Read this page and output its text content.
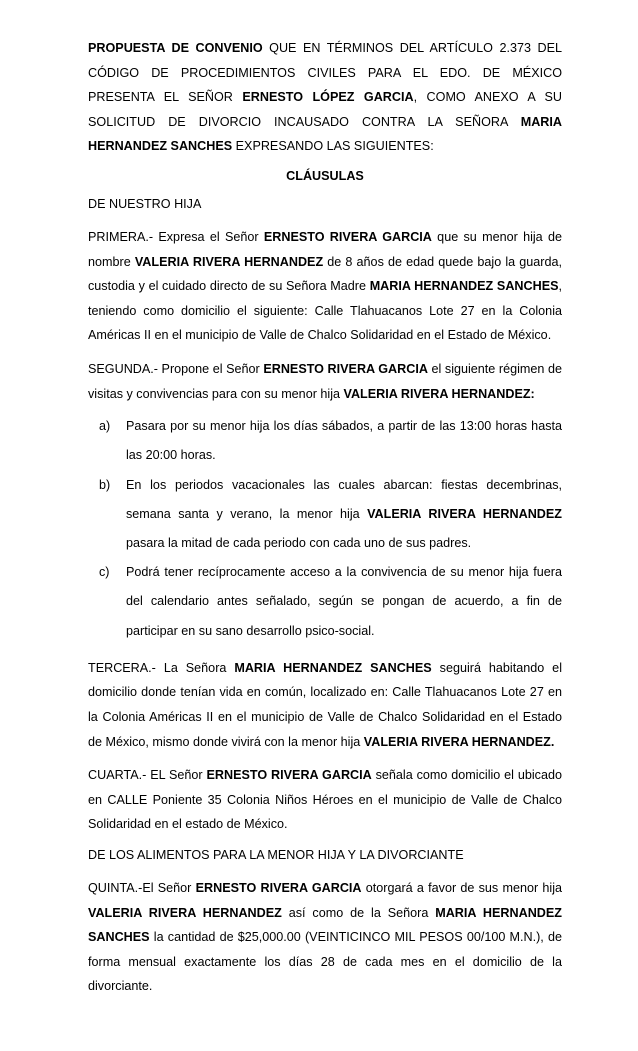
PROPUESTA DE CONVENIO QUE EN TÉRMINOS DEL ARTÍCULO 2.373 DEL CÓDIGO DE PROCEDIMIENTOS CIVILES PARA EL EDO. DE MÉXICO PRESENTA EL SEÑOR ERNESTO LÓPEZ GARCIA, COMO ANEXO A SU SOLICITUD DE DIVORCIO INCAUSADO CONTRA LA SEÑORA MARIA HERNANDEZ SANCHES EXPRESANDO LAS SIGUIENTES:

CLÁUSULAS

DE NUESTRO HIJA

PRIMERA.- Expresa el Señor ERNESTO RIVERA GARCIA que su menor hija de nombre VALERIA RIVERA HERNANDEZ de 8 años de edad quede bajo la guarda, custodia y el cuidado directo de su Señora Madre MARIA HERNANDEZ SANCHES, teniendo como domicilio el siguiente: Calle Tlahuacanos Lote 27 en la Colonia Américas II en el municipio de Valle de Chalco Solidaridad en el Estado de México.

SEGUNDA.- Propone el Señor ERNESTO RIVERA GARCIA el siguiente régimen de visitas y convivencias para con su menor hija VALERIA RIVERA HERNANDEZ:

a) Pasara por su menor hija los días sábados, a partir de las 13:00 horas hasta las 20:00 horas.
b) En los periodos vacacionales las cuales abarcan: fiestas decembrinas, semana santa y verano, la menor hija VALERIA RIVERA HERNANDEZ pasara la mitad de cada periodo con cada uno de sus padres.
c) Podrá tener recíprocamente acceso a la convivencia de su menor hija fuera del calendario antes señalado, según se pongan de acuerdo, a fin de participar en su sano desarrollo psico-social.

TERCERA.- La Señora MARIA HERNANDEZ SANCHES seguirá habitando el domicilio donde tenían vida en común, localizado en: Calle Tlahuacanos Lote 27 en la Colonia Américas II en el municipio de Valle de Chalco Solidaridad en el Estado de México, mismo donde vivirá con la menor hija VALERIA RIVERA HERNANDEZ.

CUARTA.- EL Señor ERNESTO RIVERA GARCIA señala como domicilio el ubicado en CALLE Poniente 35 Colonia Niños Héroes en el municipio de Valle de Chalco Solidaridad en el estado de México.

DE LOS ALIMENTOS PARA LA MENOR HIJA Y LA DIVORCIANTE

QUINTA.-El Señor ERNESTO RIVERA GARCIA otorgará a favor de sus menor hija VALERIA RIVERA HERNANDEZ así como de la Señora MARIA HERNANDEZ SANCHES la cantidad de $25,000.00 (VEINTICINCO MIL PESOS 00/100 M.N.), de forma mensual exactamente los días 28 de cada mes en el domicilio de la divorciante.
